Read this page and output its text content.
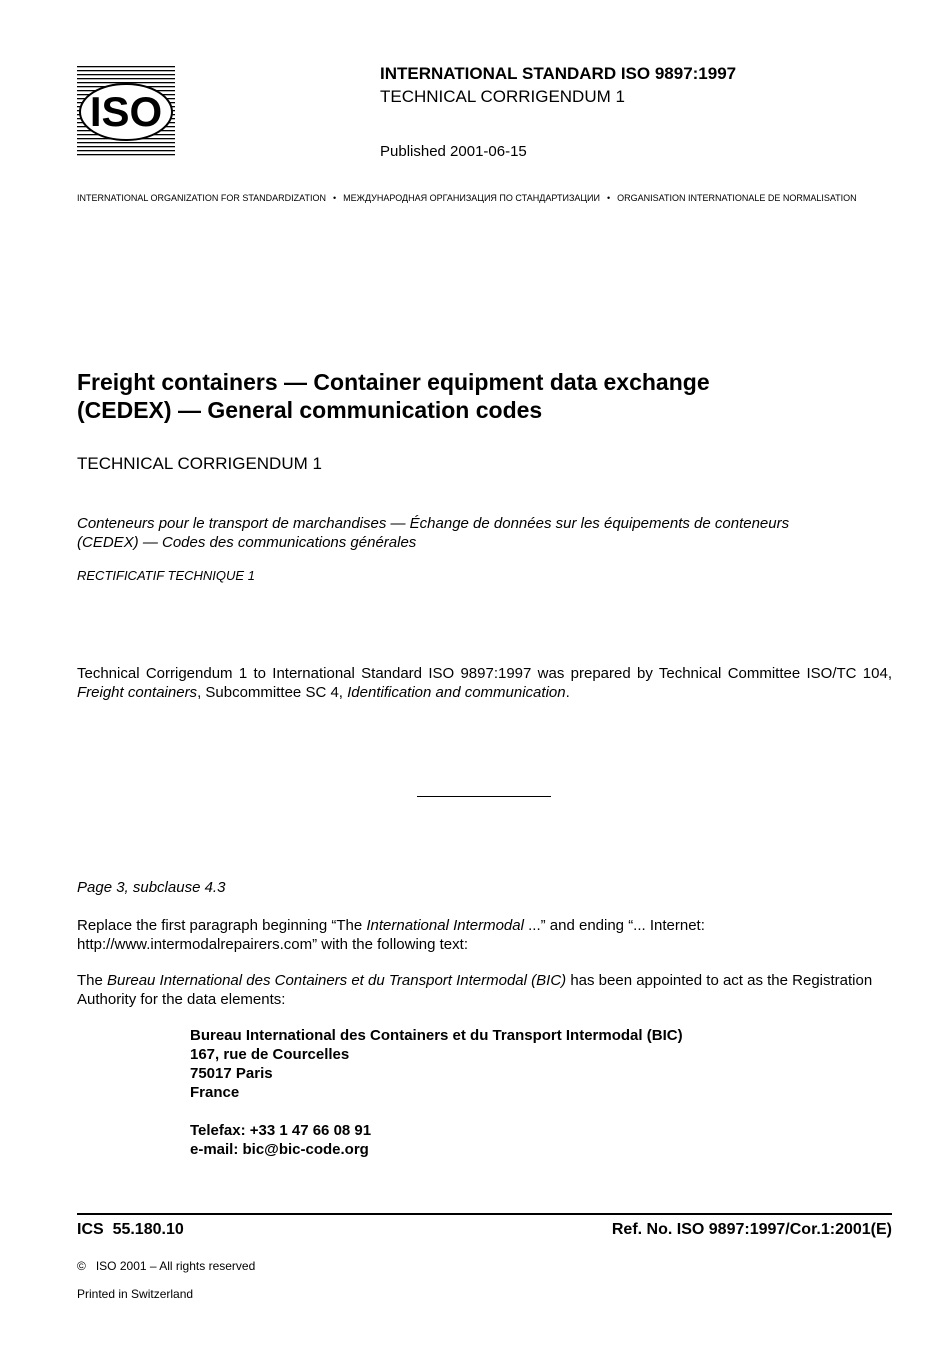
ISO
INTERNATIONAL STANDARD ISO 9897:1997
TECHNICAL CORRIGENDUM 1
Published 2001-06-15
INTERNATIONAL ORGANIZATION FOR STANDARDIZATION • МЕЖДУНАРОДНАЯ ОРГАНИЗАЦИЯ ПО СТАНДАРТИЗАЦИИ • ORGANISATION INTERNATIONALE DE NORMALISATION
Freight containers — Container equipment data exchange
(CEDEX) — General communication codes
TECHNICAL CORRIGENDUM 1
Conteneurs pour le transport de marchandises — Échange de données sur les équipements de conteneurs
(CEDEX) — Codes des communications générales
RECTIFICATIF TECHNIQUE 1
Technical Corrigendum 1 to International Standard ISO 9897:1997 was prepared by Technical Committee ISO/TC 104, Freight containers, Subcommittee SC 4, Identification and communication.
Page 3, subclause 4.3
Replace the first paragraph beginning “The International Intermodal ...” and ending “... Internet: http://www.intermodalrepairers.com” with the following text:
The Bureau International des Containers et du Transport Intermodal (BIC) has been appointed to act as the Registration Authority for the data elements:
Bureau International des Containers et du Transport Intermodal (BIC)
167, rue de Courcelles
75017 Paris
France
Telefax: +33 1 47 66 08 91
e-mail: bic@bic-code.org
ICS  55.180.10	Ref. No. ISO 9897:1997/Cor.1:2001(E)
©   ISO 2001 – All rights reserved
Printed in Switzerland
